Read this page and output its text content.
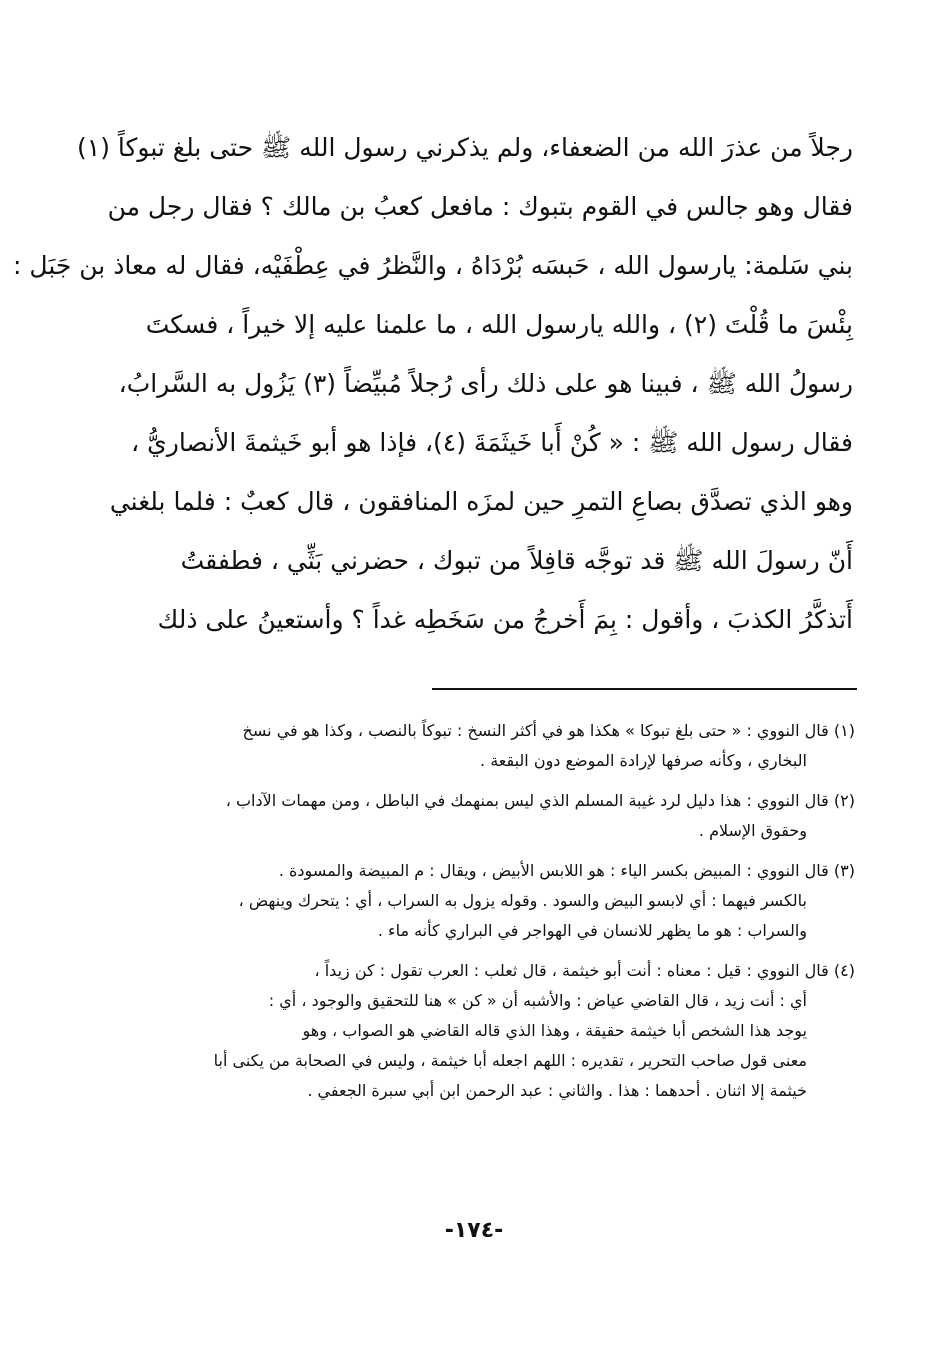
رجلاً من عذرَ الله من الضعفاء، ولم يذكرني رسول الله ﷺ حتى بلغ تبوكاً (١)
فقال وهو جالس في القوم بتبوك : مافعل كعبُ بن مالك ؟ فقال رجل من
بني سَلمة: يارسول الله ، حَبسَه بُرْدَاهُ ، والنَّظرُ في عِطْفَيْه، فقال له معاذ بن جَبَل :
بِئْسَ ما قُلْتَ (٢) ، والله يارسول الله ، ما علمنا عليه إلا خيراً ، فسكتَ
رسولُ الله ﷺ ، فبينا هو على ذلك رأى رُجلاً مُبيِّضاً (٣) يَزُول به السَّرابُ،
فقال رسول الله ﷺ : « كُنْ أَبا خَيثَمَةَ (٤)، فإذا هو أبو خَيثمةَ الأنصاريُّ ،
وهو الذي تصدَّق بصاعِ التمرِ حين لمزَه المنافقون ، قال كعبٌ : فلما بلغني
أَنّ رسولَ الله ﷺ قد توجَّه قافِلاً من تبوك ، حضرني بَثِّي ، فطفقتُ
أَتذكَّرُ الكذبَ ، وأقول : بِمَ أَخرجُ من سَخَطِه غداً ؟ وأستعينُ على ذلك
(١) قال النووي : « حتى بلغ تبوكا » هكذا هو في أكثر النسخ : تبوكاً بالنصب ، وكذا هو في نسخ
البخاري ، وكأنه صرفها لإرادة الموضع دون البقعة .
(٢) قال النووي : هذا دليل لرد غيبة المسلم الذي ليس بمنهمك في الباطل ، ومن مهمات الآداب ،
وحقوق الإسلام .
(٣) قال النووي : المبيض بكسر الياء : هو اللابس الأبيض ، ويقال : م المبيضة والمسودة .
بالكسر فيهما : أي لابسو البيض والسود . وقوله يزول به السراب ، أي : يتحرك وينهض ،
والسراب : هو ما يظهر للانسان في الهواجر في البراري كأنه ماء .
(٤) قال النووي : قيل : معناه : أنت أبو خيثمة ، قال ثعلب : العرب تقول : كن زيداً ،
أي : أنت زيد ، قال القاضي عياض : والأشبه أن « كن » هنا للتحقيق والوجود ، أي :
يوجد هذا الشخص أبا خيثمة حقيقة ، وهذا الذي قاله القاضي هو الصواب ، وهو
معنى قول صاحب التحرير ، تقديره : اللهم اجعله أبا خيثمة ، وليس في الصحابة من يكنى أبا
خيثمة إلا اثنان . أحدهما : هذا . والثاني : عبد الرحمن ابن أبي سبرة الجعفي .
-١٧٤-
